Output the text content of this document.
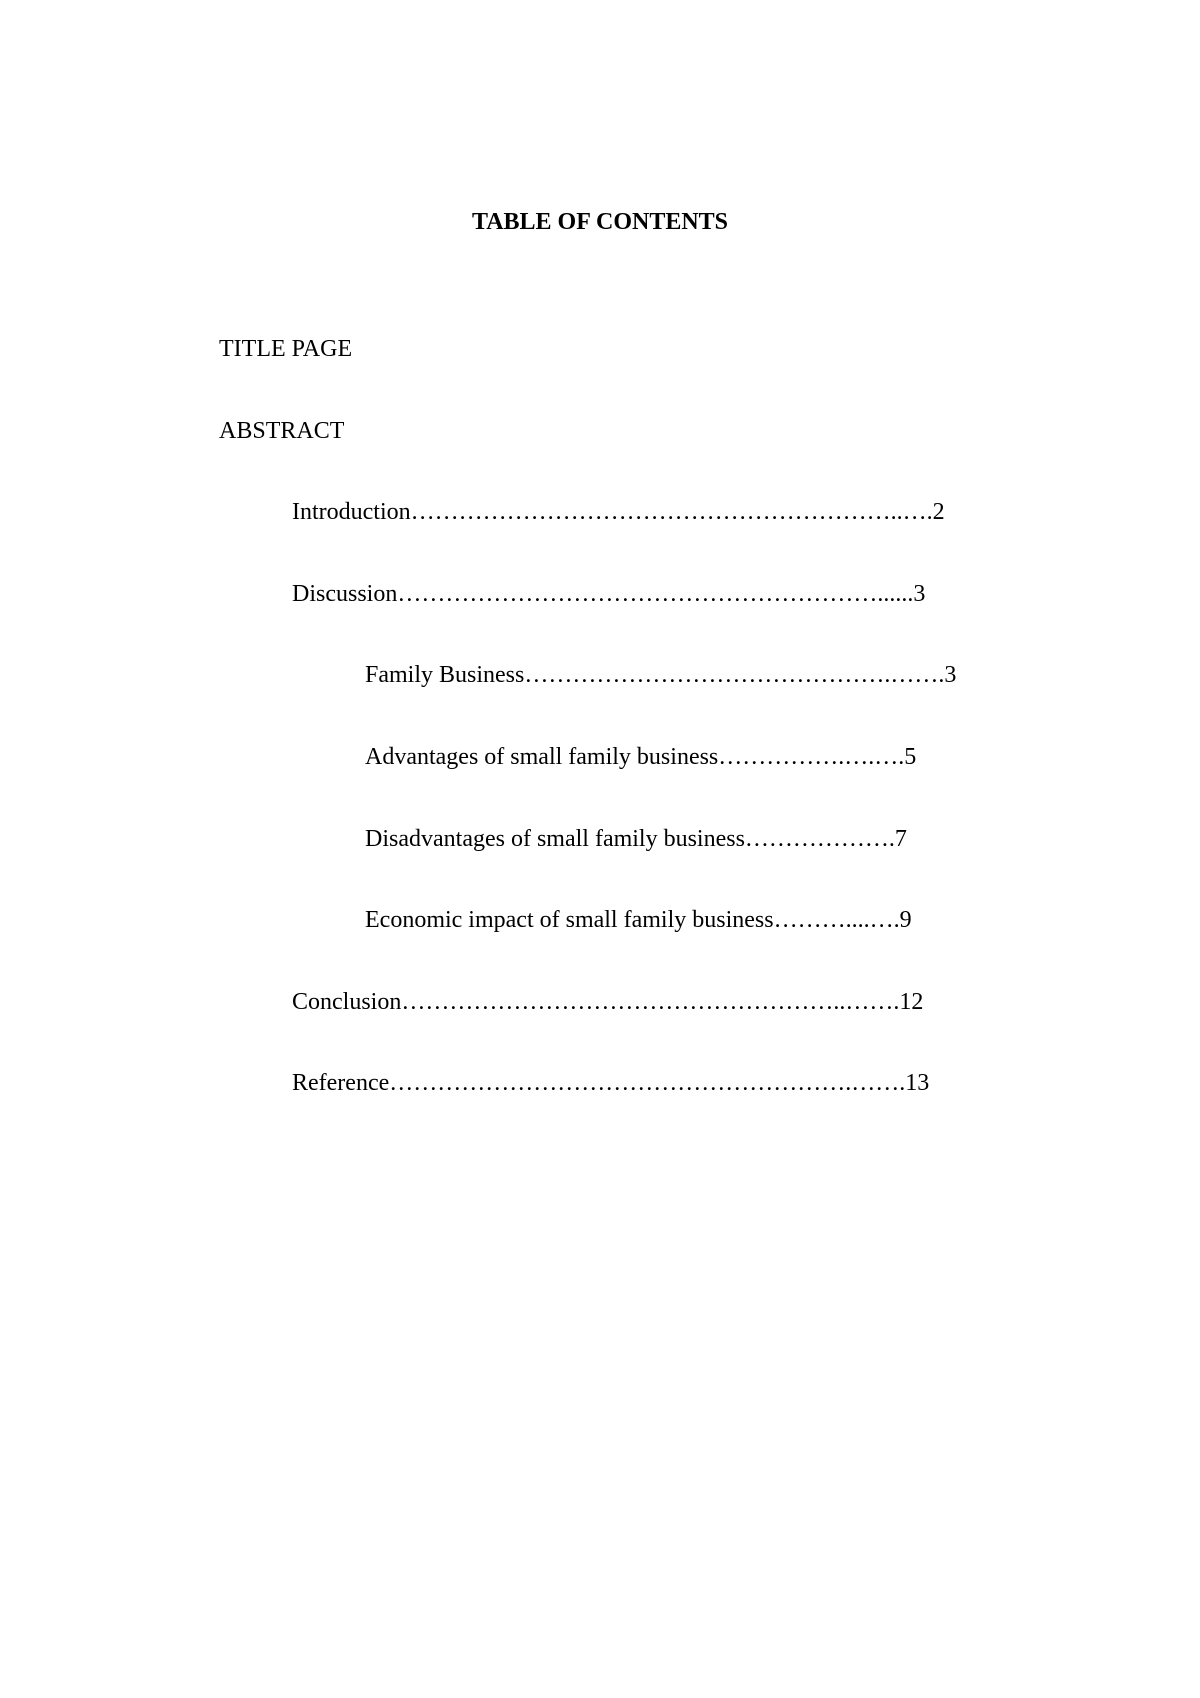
TABLE OF CONTENTS
TITLE PAGE
ABSTRACT
Introduction……………………………………………………..….2
Discussion……………………………………………………......3
Family Business……………………………………….…….3
Advantages of small family business…………….….….5
Disadvantages of small family business……………….7
Economic impact of small family business………....….9
Conclusion………………………………………………..…….12
Reference………………………………………………….…….13
